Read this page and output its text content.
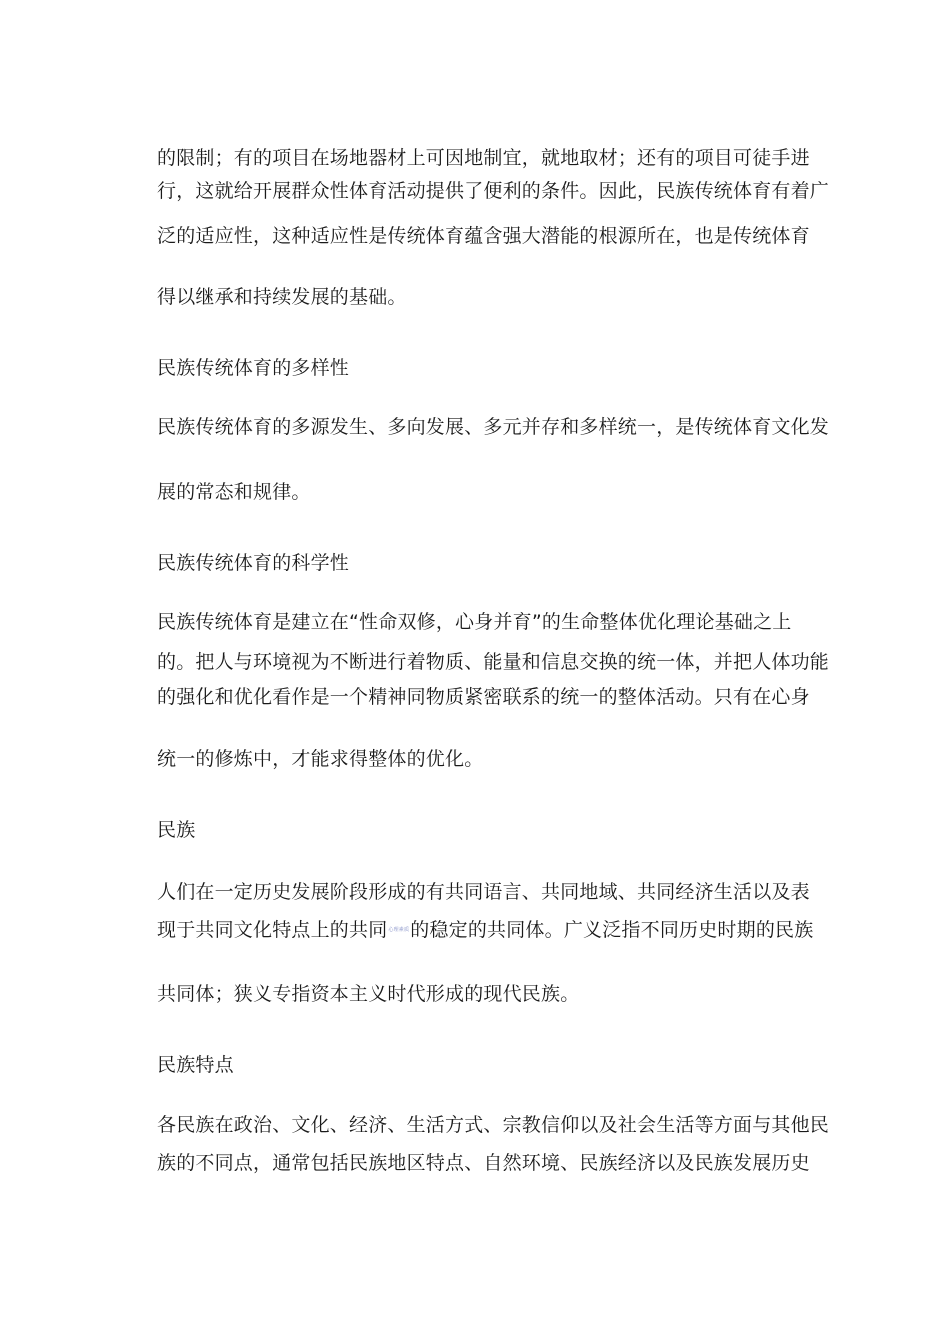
的限制；有的项目在场地器材上可因地制宜，就地取材；还有的项目可徒手进
行，这就给开展群众性体育活动提供了便利的条件。因此，民族传统体育有着广
泛的适应性，这种适应性是传统体育蕴含强大潜能的根源所在，也是传统体育
得以继承和持续发展的基础。
民族传统体育的多样性
民族传统体育的多源发生、多向发展、多元并存和多样统一，是传统体育文化发
展的常态和规律。
民族传统体育的科学性
民族传统体育是建立在“性命双修，心身并育”的生命整体优化理论基础之上
的。把人与环境视为不断进行着物质、能量和信息交换的统一体，并把人体功能
的强化和优化看作是一个精神同物质紧密联系的统一的整体活动。只有在心身
统一的修炼中，才能求得整体的优化。
民族
人们在一定历史发展阶段形成的有共同语言、共同地域、共同经济生活以及表
现于共同文化特点上的共同心理素质的稳定的共同体。广义泛指不同历史时期的民族
共同体；狭义专指资本主义时代形成的现代民族。
民族特点
各民族在政治、文化、经济、生活方式、宗教信仰以及社会生活等方面与其他民
族的不同点，通常包括民族地区特点、自然环境、民族经济以及民族发展历史
